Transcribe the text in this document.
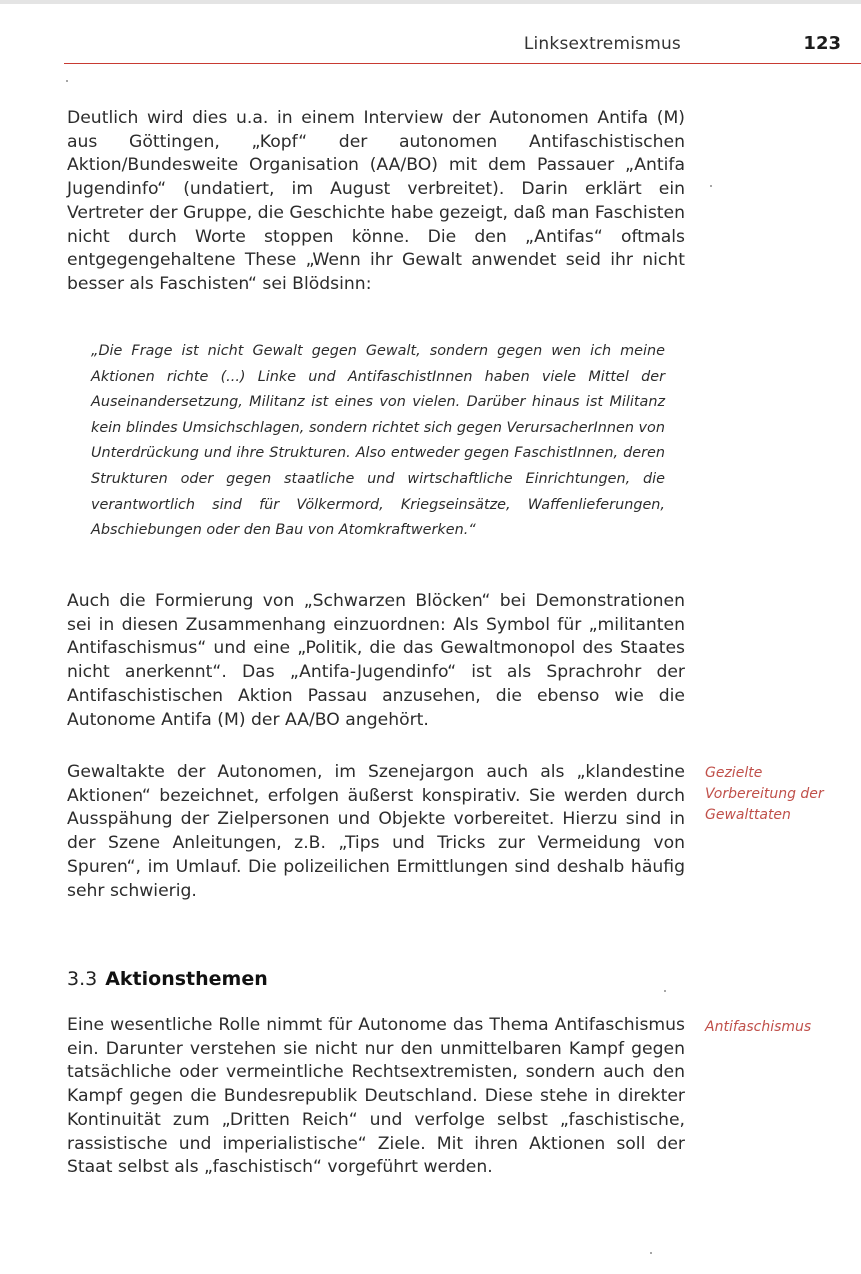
Linksextremismus	123

Deutlich wird dies u.a. in einem Interview der Autonomen Antifa (M) aus Göttingen, „Kopf“ der autonomen Antifaschistischen Aktion/Bundesweite Organisation (AA/BO) mit dem Passauer „Antifa Jugendinfo“ (undatiert, im August verbreitet). Darin erklärt ein Vertreter der Gruppe, die Geschichte habe gezeigt, daß man Faschisten nicht durch Worte stoppen könne. Die den „Antifas“ oftmals entgegengehaltene These „Wenn ihr Gewalt anwendet seid ihr nicht besser als Faschisten“ sei Blödsinn:

„Die Frage ist nicht Gewalt gegen Gewalt, sondern gegen wen ich meine Aktionen richte (...) Linke und AntifaschistInnen haben viele Mittel der Auseinandersetzung, Militanz ist eines von vielen. Darüber hinaus ist Militanz kein blindes Umsichschlagen, sondern richtet sich gegen VerursacherInnen von Unterdrückung und ihre Strukturen. Also entweder gegen FaschistInnen, deren Strukturen oder gegen staatliche und wirtschaftliche Einrichtungen, die verantwortlich sind für Völkermord, Kriegseinsätze, Waffenlieferungen, Abschiebungen oder den Bau von Atomkraftwerken.“

Auch die Formierung von „Schwarzen Blöcken“ bei Demonstrationen sei in diesen Zusammenhang einzuordnen: Als Symbol für „militanten Antifaschismus“ und eine „Politik, die das Gewaltmonopol des Staates nicht anerkennt“. Das „Antifa-Jugendinfo“ ist als Sprachrohr der Antifaschistischen Aktion Passau anzusehen, die ebenso wie die Autonome Antifa (M) der AA/BO angehört.

Gewaltakte der Autonomen, im Szenejargon auch als „klandestine Aktionen“ bezeichnet, erfolgen äußerst konspirativ. Sie werden durch Ausspähung der Zielpersonen und Objekte vorbereitet. Hierzu sind in der Szene Anleitungen, z.B. „Tips und Tricks zur Vermeidung von Spuren“, im Umlauf. Die polizeilichen Ermittlungen sind deshalb häufig sehr schwierig.

Gezielte
Vorbereitung der
Gewalttaten
3.3 Aktionsthemen

Eine wesentliche Rolle nimmt für Autonome das Thema Antifaschismus ein. Darunter verstehen sie nicht nur den unmittelbaren Kampf gegen tatsächliche oder vermeintliche Rechtsextremisten, sondern auch den Kampf gegen die Bundesrepublik Deutschland. Diese stehe in direkter Kontinuität zum „Dritten Reich“ und verfolge selbst „faschistische, rassistische und imperialistische“ Ziele. Mit ihren Aktionen soll der Staat selbst als „faschistisch“ vorgeführt werden.

Antifaschismus
